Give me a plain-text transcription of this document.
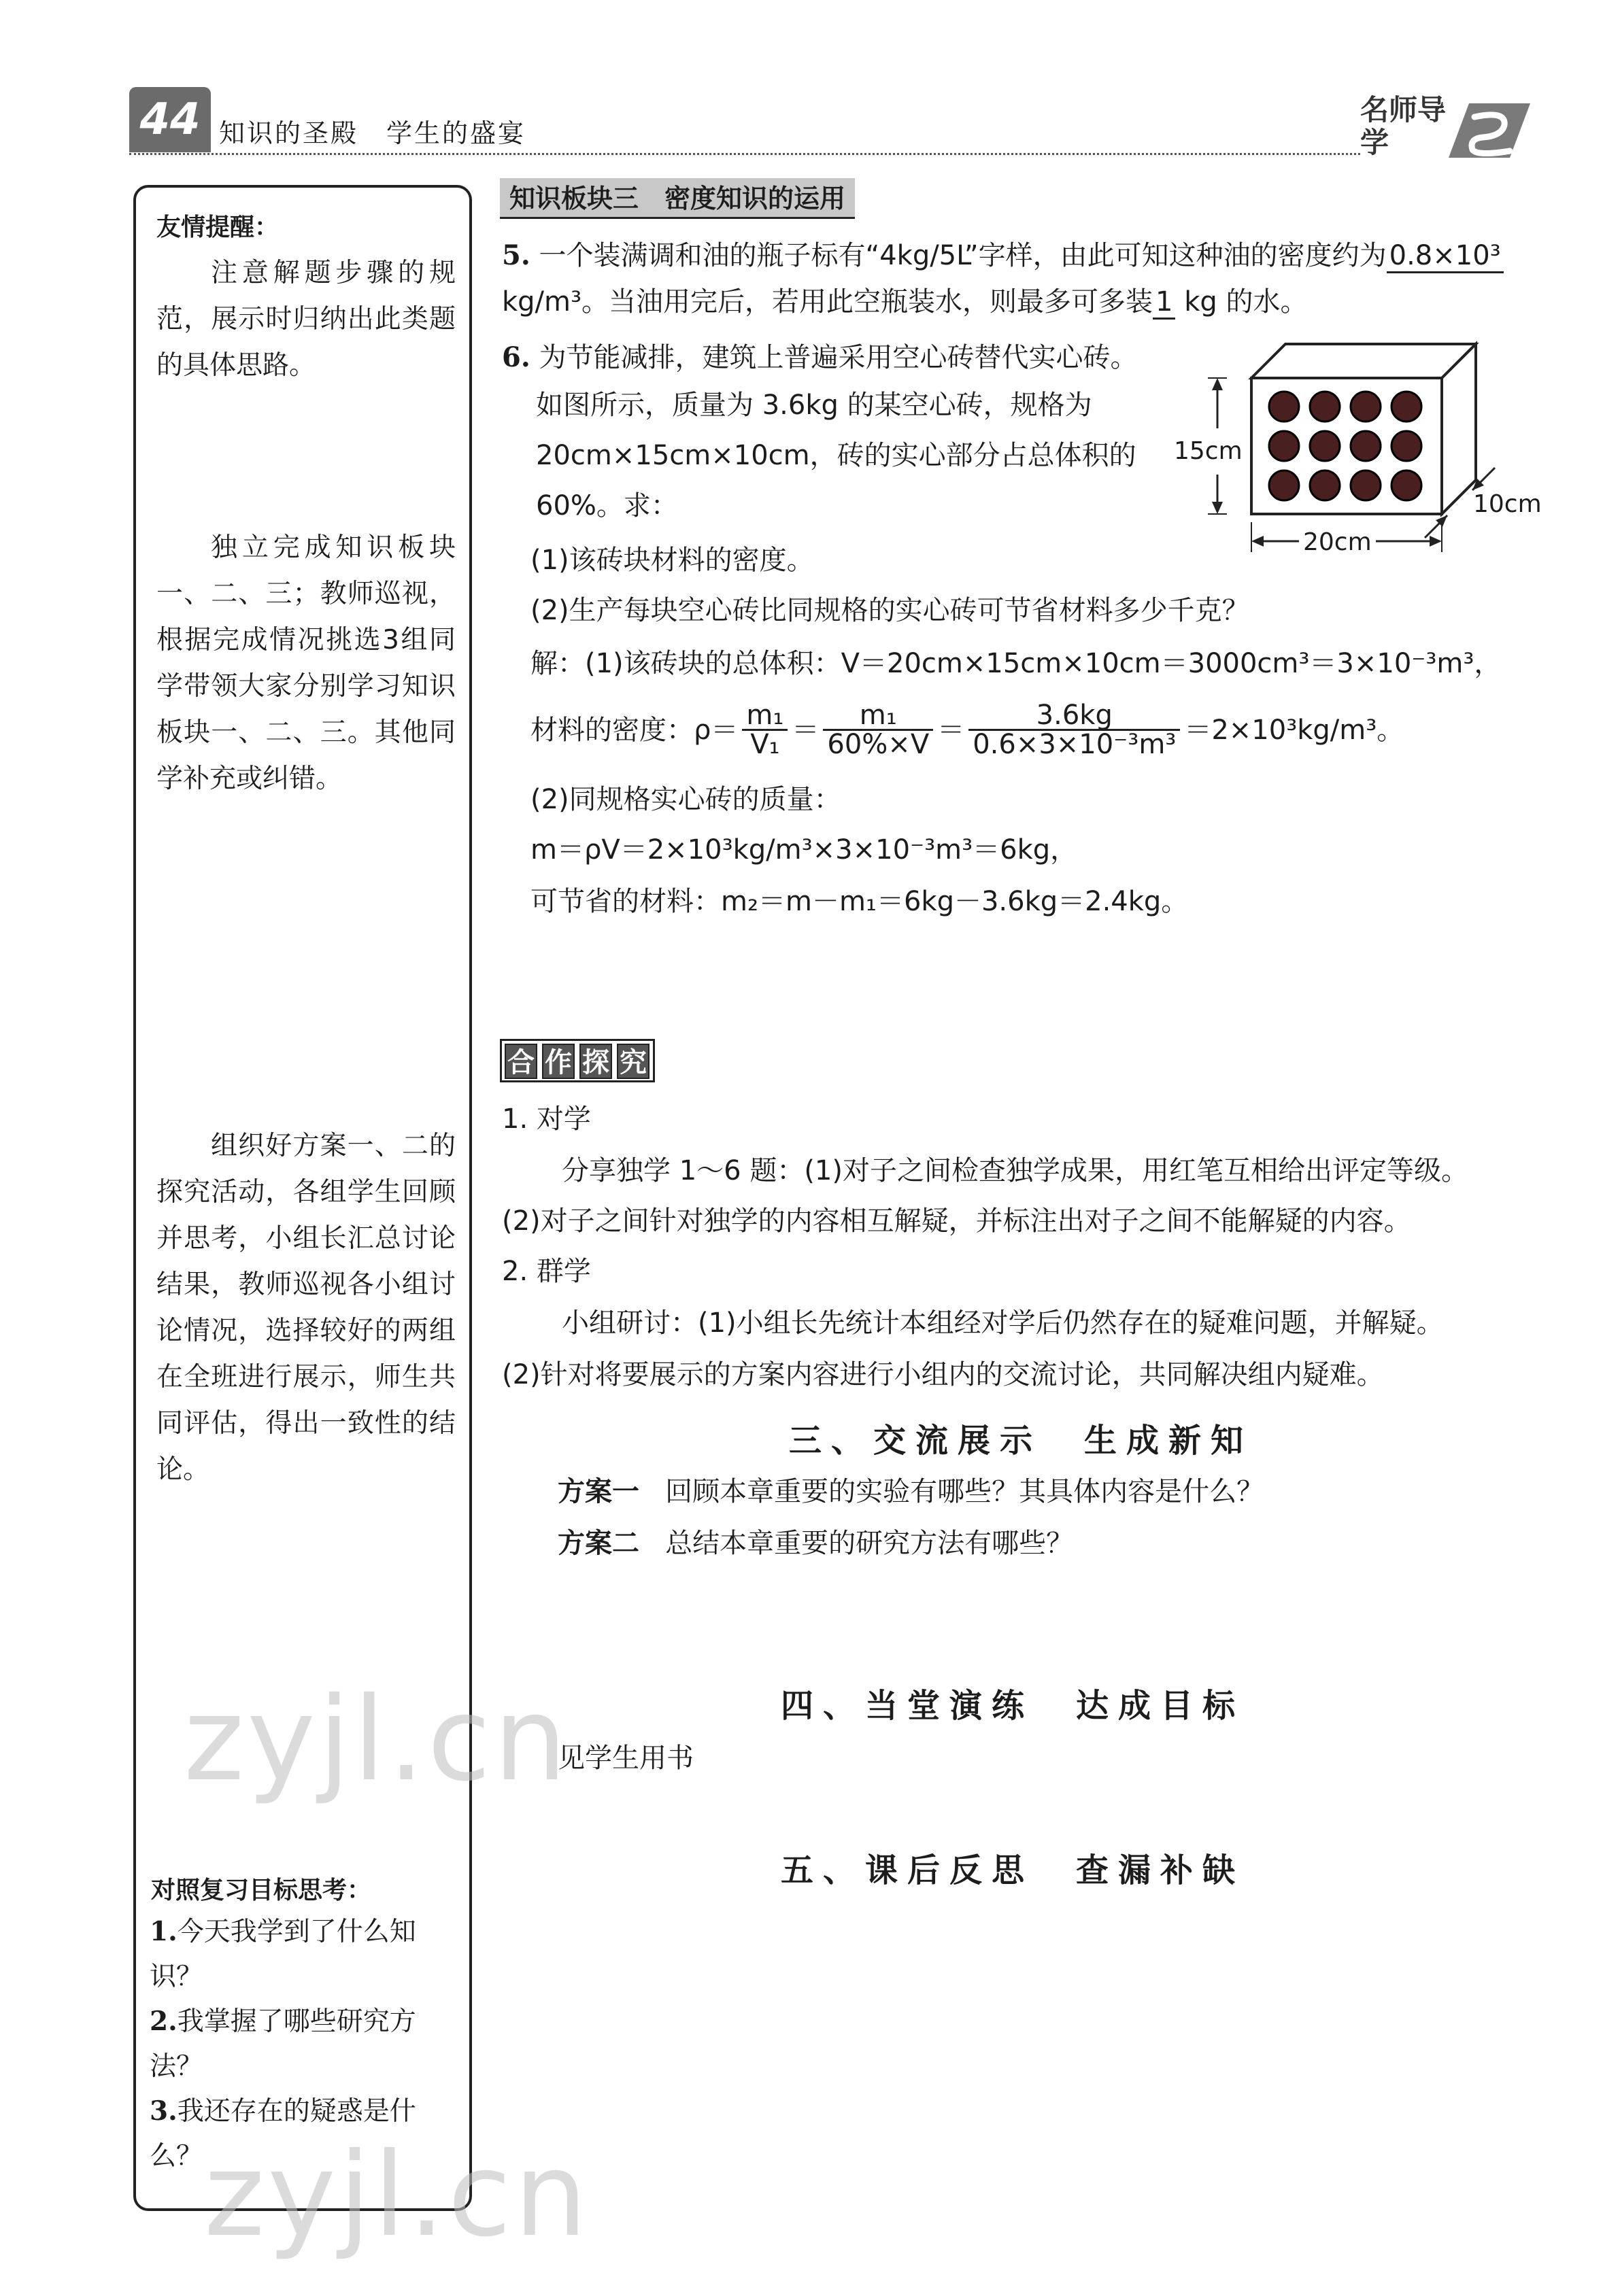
44 知识的圣殿　学生的盛宴
名师导学
友情提醒：
注意解题步骤的规范，展示时归纳出此类题的具体思路。
独立完成知识板块一、二、三；教师巡视，根据完成情况挑选3组同学带领大家分别学习知识板块一、二、三。其他同学补充或纠错。
组织好方案一、二的探究活动，各组学生回顾并思考，小组长汇总讨论结果，教师巡视各小组讨论情况，选择较好的两组在全班进行展示，师生共同评估，得出一致性的结论。
对照复习目标思考：
1.今天我学到了什么知识？
2.我掌握了哪些研究方法？
3.我还存在的疑惑是什么？
知识板块三　密度知识的运用
5. 一个装满调和油的瓶子标有“4kg/5L”字样，由此可知这种油的密度约为 0.8×10³ kg/m³。当油用完后，若用此空瓶装水，则最多可多装 1 kg 的水。
6. 为节能减排，建筑上普遍采用空心砖替代实心砖。
如图所示，质量为 3.6kg 的某空心砖，规格为
20cm×15cm×10cm，砖的实心部分占总体积的
60%。求：
(1)该砖块材料的密度。
(2)生产每块空心砖比同规格的实心砖可节省材料多少千克？
15cm
20cm
10cm
解：(1)该砖块的总体积：V＝20cm×15cm×10cm＝3000cm³＝3×10⁻³m³，
材料的密度：$\rho= \frac{\text{m₁}}{\text{V₁}} = \frac{\text{m₁}}{60\%\times V} = \frac{3.6kg}{\text{0.6×3×10⁻³m³}} =2\times 10^3kg/m^3$。
(2)同规格实心砖的质量：
m＝ρV＝2×10³kg/m³×3×10⁻³m³＝6kg，
可节省的材料：m₂＝m－m₁＝6kg－3.6kg＝2.4kg。
合 作 探 究
1. 对学
分享独学 1～6 题：(1)对子之间检查独学成果，用红笔互相给出评定等级。
(2)对子之间针对独学的内容相互解疑，并标注出对子之间不能解疑的内容。
2. 群学
小组研讨：(1)小组长先统计本组经对学后仍然存在的疑难问题，并解疑。
(2)针对将要展示的方案内容进行小组内的交流讨论，共同解决组内疑难。
三、交流展示　生成新知
方案一 回顾本章重要的实验有哪些？其具体内容是什么？
方案二 总结本章重要的研究方法有哪些？
四、当堂演练　达成目标
见学生用书
五、课后反思　查漏补缺
zyjl.cn
zyjl.cn
